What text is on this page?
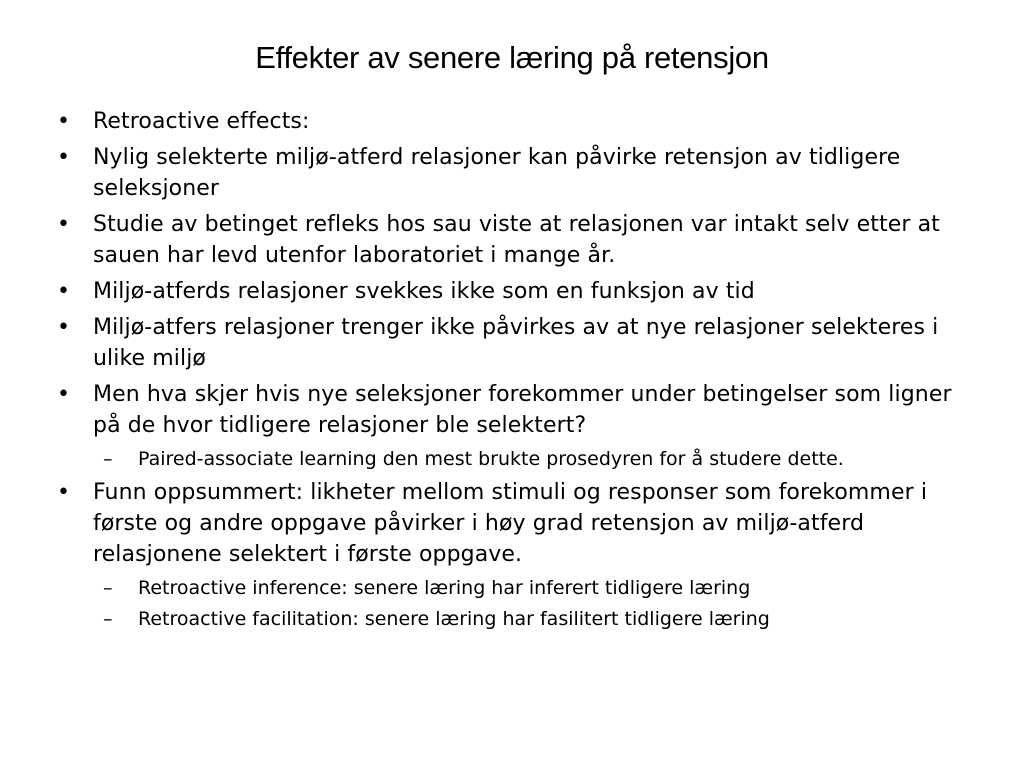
Effekter av senere læring på retensjon
•	Retroactive effects:
•	Nylig selekterte miljø-atferd relasjoner kan påvirke retensjon av tidligere seleksjoner
•	Studie av betinget refleks hos sau viste at relasjonen var intakt selv etter at sauen har levd utenfor laboratoriet i mange år.
•	Miljø-atferds relasjoner svekkes ikke som en funksjon av tid
•	Miljø-atfers relasjoner trenger ikke påvirkes av at nye relasjoner selekteres i ulike miljø
•	Men hva skjer hvis nye seleksjoner forekommer under betingelser som ligner på de hvor tidligere relasjoner ble selektert?
–	Paired-associate learning den mest brukte prosedyren for å studere dette.
•	Funn oppsummert: likheter mellom stimuli og responser som forekommer i første og andre oppgave påvirker i høy grad retensjon av miljø-atferd relasjonene selektert i første oppgave.
–	Retroactive inference: senere læring har inferert tidligere læring
–	Retroactive facilitation: senere læring har fasilitert tidligere læring
